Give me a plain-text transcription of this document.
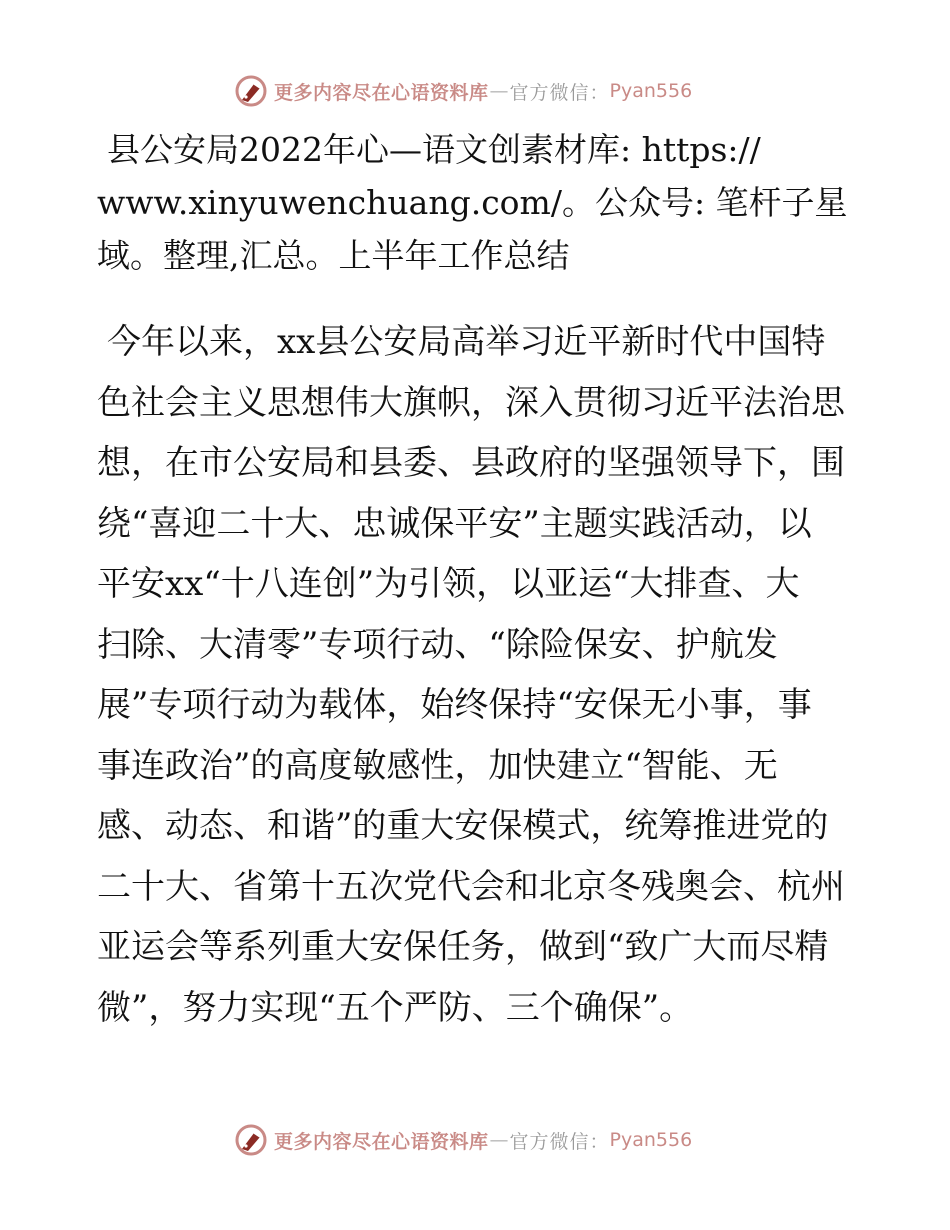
更多内容尽在心语资料库 — 官方微信： Pyan556

县公安局2022年心—语文创素材库: https://

www.xinyuwenchuang.com/。公众号: 笔杆子星

域。整理,汇总。上半年工作总结

今年以来，xx县公安局高举习近平新时代中国特

色社会主义思想伟大旗帜，深入贯彻习近平法治思

想，在市公安局和县委、县政府的坚强领导下，围

绕“喜迎二十大、忠诚保平安”主题实践活动，以

平安xx“十八连创”为引领，以亚运“大排查、大

扫除、大清零”专项行动、“除险保安、护航发

展”专项行动为载体，始终保持“安保无小事，事

事连政治”的高度敏感性，加快建立“智能、无

感、动态、和谐”的重大安保模式，统筹推进党的

二十大、省第十五次党代会和北京冬残奥会、杭州

亚运会等系列重大安保任务，做到“致广大而尽精

微”，努力实现“五个严防、三个确保”。

更多内容尽在心语资料库 — 官方微信： Pyan556
